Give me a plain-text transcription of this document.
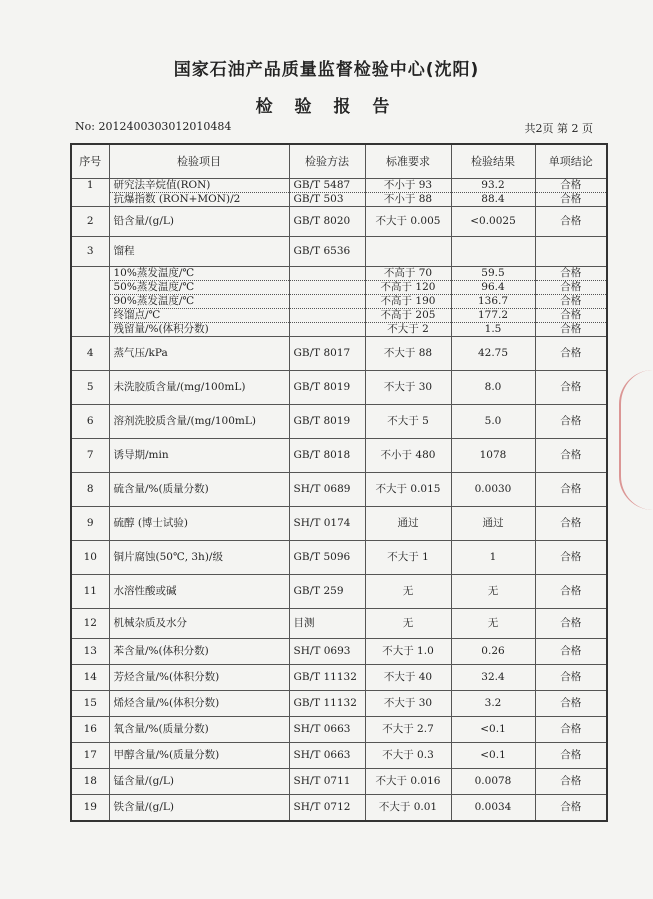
国家石油产品质量监督检验中心(沈阳)
检 验 报 告
No: 2012400303012010484	共2页 第 2 页
序号	检验项目	检验方法	标准要求	检验结果	单项结论
1	研究法辛烷值(RON)	GB/T 5487	不小于 93	93.2	合格
	抗爆指数 (RON+MON)/2	GB/T 503	不小于 88	88.4	合格
2	铅含量/(g/L)	GB/T 8020	不大于 0.005	<0.0025	合格
3	馏程	GB/T 6536			
	10%蒸发温度/℃		不高于 70	59.5	合格
	50%蒸发温度/℃		不高于 120	96.4	合格
	90%蒸发温度/℃		不高于 190	136.7	合格
	终馏点/℃		不高于 205	177.2	合格
	残留量/%(体积分数)		不大于 2	1.5	合格
4	蒸气压/kPa	GB/T 8017	不大于 88	42.75	合格
5	未洗胶质含量/(mg/100mL)	GB/T 8019	不大于 30	8.0	合格
6	溶剂洗胶质含量/(mg/100mL)	GB/T 8019	不大于 5	5.0	合格
7	诱导期/min	GB/T 8018	不小于 480	1078	合格
8	硫含量/%(质量分数)	SH/T 0689	不大于 0.015	0.0030	合格
9	硫醇 (博士试验)	SH/T 0174	通过	通过	合格
10	铜片腐蚀(50℃, 3h)/级	GB/T 5096	不大于 1	1	合格
11	水溶性酸或碱	GB/T 259	无	无	合格
12	机械杂质及水分	目测	无	无	合格
13	苯含量/%(体积分数)	SH/T 0693	不大于 1.0	0.26	合格
14	芳烃含量/%(体积分数)	GB/T 11132	不大于 40	32.4	合格
15	烯烃含量/%(体积分数)	GB/T 11132	不大于 30	3.2	合格
16	氧含量/%(质量分数)	SH/T 0663	不大于 2.7	<0.1	合格
17	甲醇含量/%(质量分数)	SH/T 0663	不大于 0.3	<0.1	合格
18	锰含量/(g/L)	SH/T 0711	不大于 0.016	0.0078	合格
19	铁含量/(g/L)	SH/T 0712	不大于 0.01	0.0034	合格
